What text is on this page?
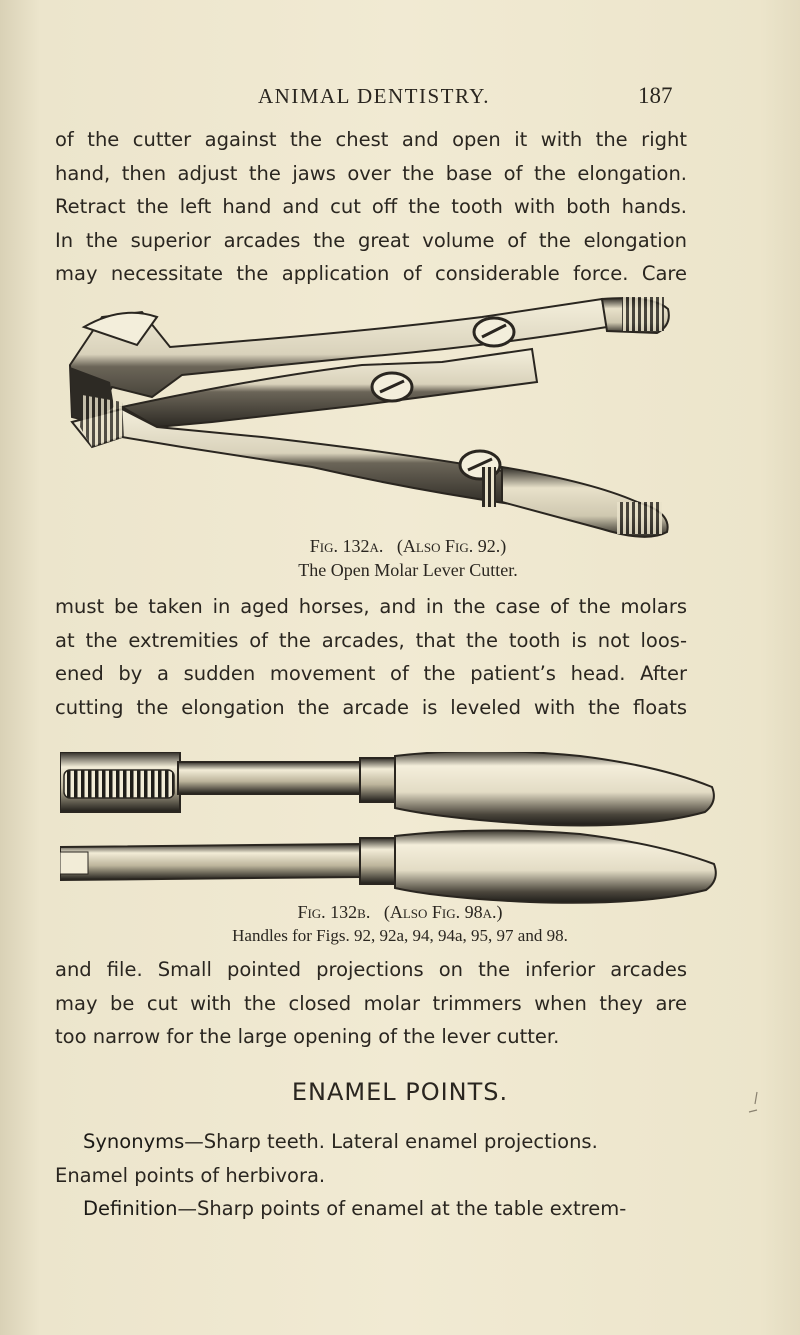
ANIMAL DENTISTRY.	187
of the cutter against the chest and open it with the right
hand, then adjust the jaws over the base of the elongation.
Retract the left hand and cut off the tooth with both hands.
In the superior arcades the great volume of the elongation
may necessitate the application of considerable force. Care
Fig. 132a. (Also Fig. 92.)
The Open Molar Lever Cutter.
must be taken in aged horses, and in the case of the molars
at the extremities of the arcades, that the tooth is not loos-
ened by a sudden movement of the patient’s head. After
cutting the elongation the arcade is leveled with the floats
Fig. 132b. (Also Fig. 98a.)
Handles for Figs. 92, 92a, 94, 94a, 95, 97 and 98.
and file. Small pointed projections on the inferior arcades
may be cut with the closed molar trimmers when they are
too narrow for the large opening of the lever cutter.
ENAMEL POINTS.
Synonyms—Sharp teeth. Lateral enamel projections.
Enamel points of herbivora.
Definition—Sharp points of enamel at the table extrem-
